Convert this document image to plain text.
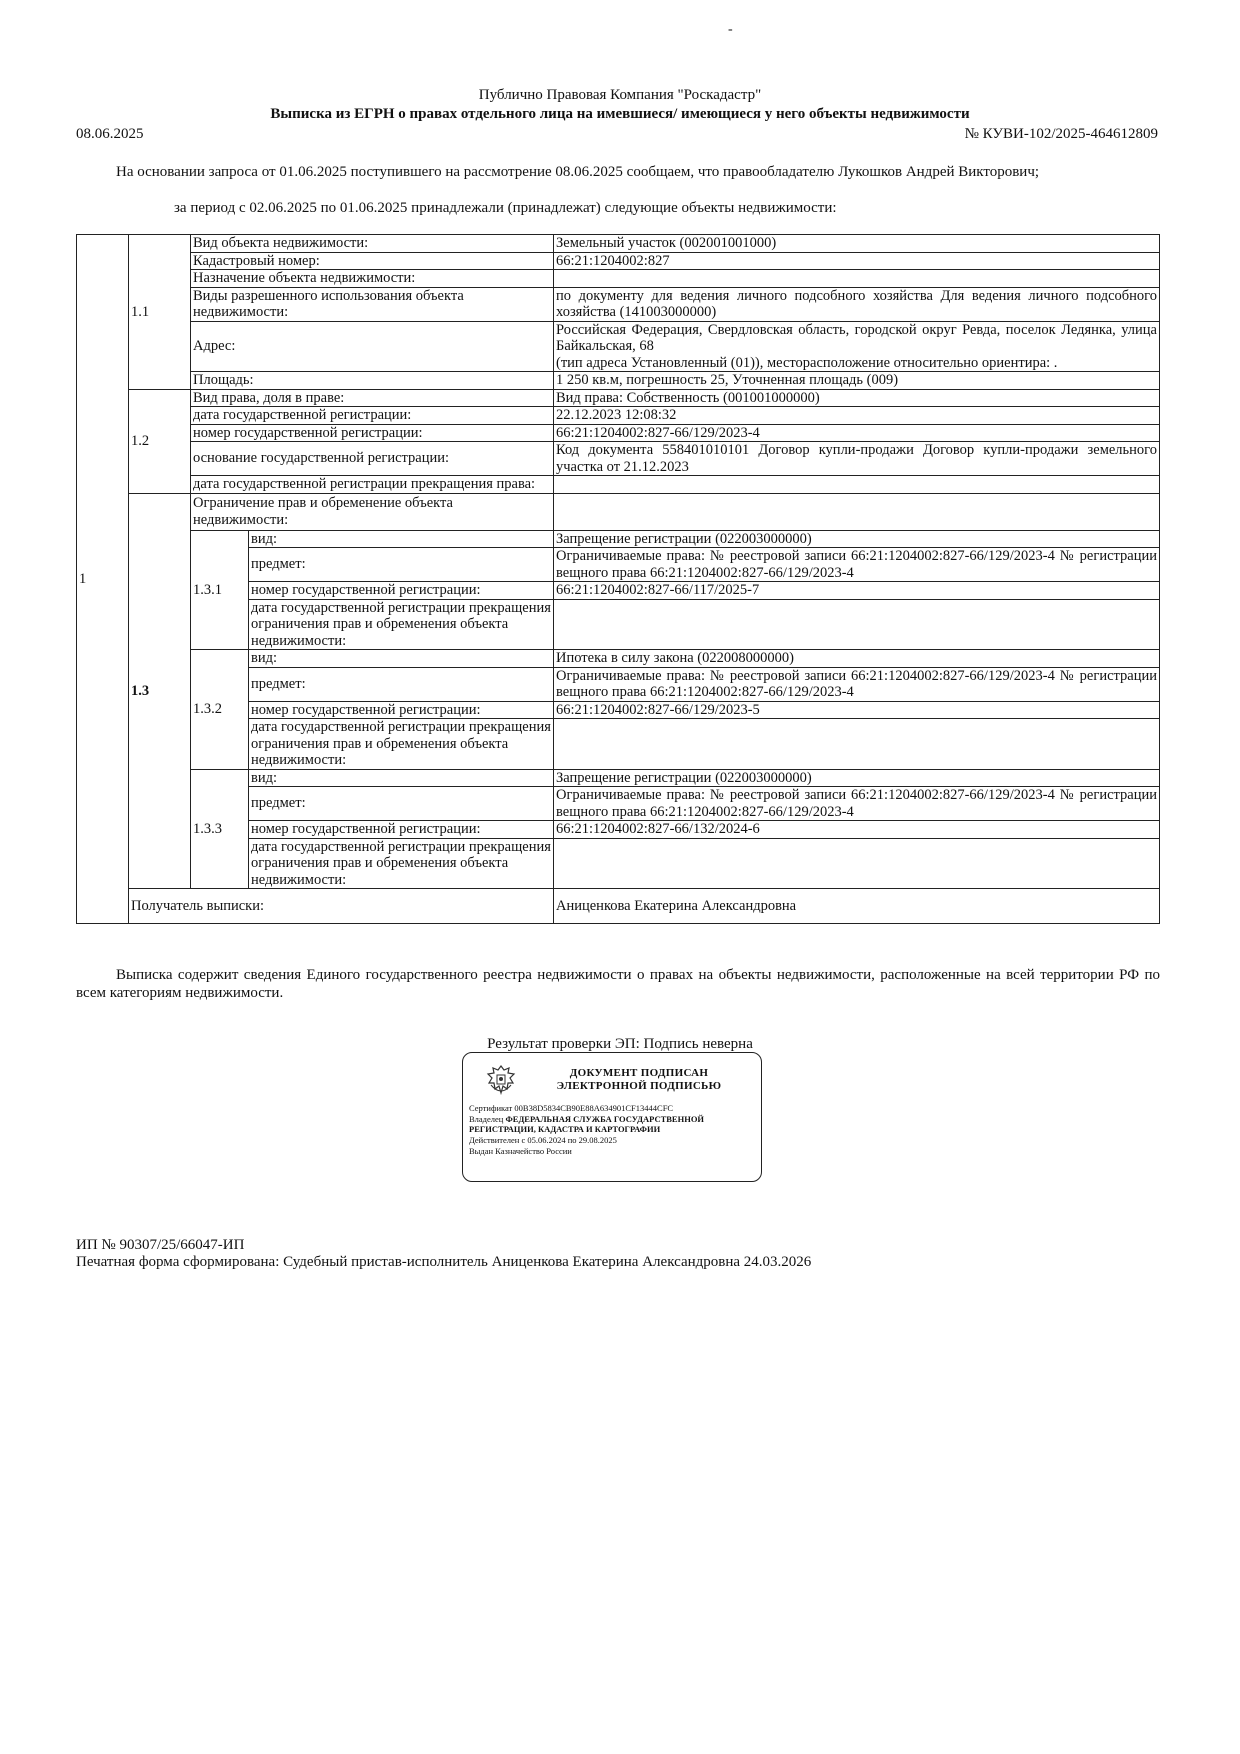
-
Публично Правовая Компания "Роскадастр"
Выписка из ЕГРН о правах отдельного лица на имевшиеся/ имеющиеся у него объекты недвижимости
08.06.2025	№ КУВИ-102/2025-464612809
На основании запроса от 01.06.2025 поступившего на рассмотрение 08.06.2025 сообщаем, что правообладателю Лукошков Андрей Викторович;
за период с 02.06.2025 по 01.06.2025 принадлежали (принадлежат) следующие объекты недвижимости:
1	1.1	Вид объекта недвижимости:		Земельный участок (002001001000)
		Кадастровый номер:		66:21:1204002:827
		Назначение объекта недвижимости:		
		Виды разрешенного использования объекта недвижимости:		по документу для ведения личного подсобного хозяйства Для ведения личного подсобного хозяйства (141003000000)
		Адрес:		Российская Федерация, Свердловская область, городской округ Ревда, поселок Ледянка, улица Байкальская, 68
(тип адреса Установленный (01)), месторасположение относительно ориентира: .

		Площадь:		1 250 кв.м, погрешность 25, Уточненная площадь (009)
	1.2	Вид права, доля в праве:		Вид права: Собственность (001001000000)
		дата государственной регистрации:		22.12.2023 12:08:32
		номер государственной регистрации:		66:21:1204002:827-66/129/2023-4
		основание государственной регистрации:		Код документа 558401010101 Договор купли-продажи Договор купли-продажи земельного участка от 21.12.2023
		дата государственной регистрации прекращения права:		
	1.3	Ограничение прав и обременение объекта недвижимости:		
		1.3.1	вид:	Запрещение регистрации (022003000000)
			предмет:	Ограничиваемые права: № реестровой записи 66:21:1204002:827-66/129/2023-4 № регистрации вещного права 66:21:1204002:827-66/129/2023-4
			номер государственной регистрации:	66:21:1204002:827-66/117/2025-7
			дата государственной регистрации прекращения ограничения прав и обременения объекта недвижимости:	
		1.3.2	вид:	Ипотека в силу закона (022008000000)
			предмет:	Ограничиваемые права: № реестровой записи 66:21:1204002:827-66/129/2023-4 № регистрации вещного права 66:21:1204002:827-66/129/2023-4
			номер государственной регистрации:	66:21:1204002:827-66/129/2023-5
			дата государственной регистрации прекращения ограничения прав и обременения объекта недвижимости:	
		1.3.3	вид:	Запрещение регистрации (022003000000)
			предмет:	Ограничиваемые права: № реестровой записи 66:21:1204002:827-66/129/2023-4 № регистрации вещного права 66:21:1204002:827-66/129/2023-4
			номер государственной регистрации:	66:21:1204002:827-66/132/2024-6
			дата государственной регистрации прекращения ограничения прав и обременения объекта недвижимости:	
	Получатель выписки:			Аниценкова Екатерина Александровна
Выписка содержит сведения Единого государственного реестра недвижимости о правах на объекты недвижимости, расположенные на всей территории РФ по всем категориям недвижимости.
Результат проверки ЭП: Подпись неверна
ДОКУМЕНТ ПОДПИСАН
ЭЛЕКТРОННОЙ ПОДПИСЬЮ
Сертификат 00B38D5834CB90E88A634901CF13444CFC
Владелец ФЕДЕРАЛЬНАЯ СЛУЖБА ГОСУДАРСТВЕННОЙ
РЕГИСТРАЦИИ, КАДАСТРА И КАРТОГРАФИИ
Действителен с 05.06.2024 по 29.08.2025
Выдан Казначейство России
ИП № 90307/25/66047-ИП
Печатная форма сформирована: Судебный пристав-исполнитель Аниценкова Екатерина Александровна 24.03.2026
